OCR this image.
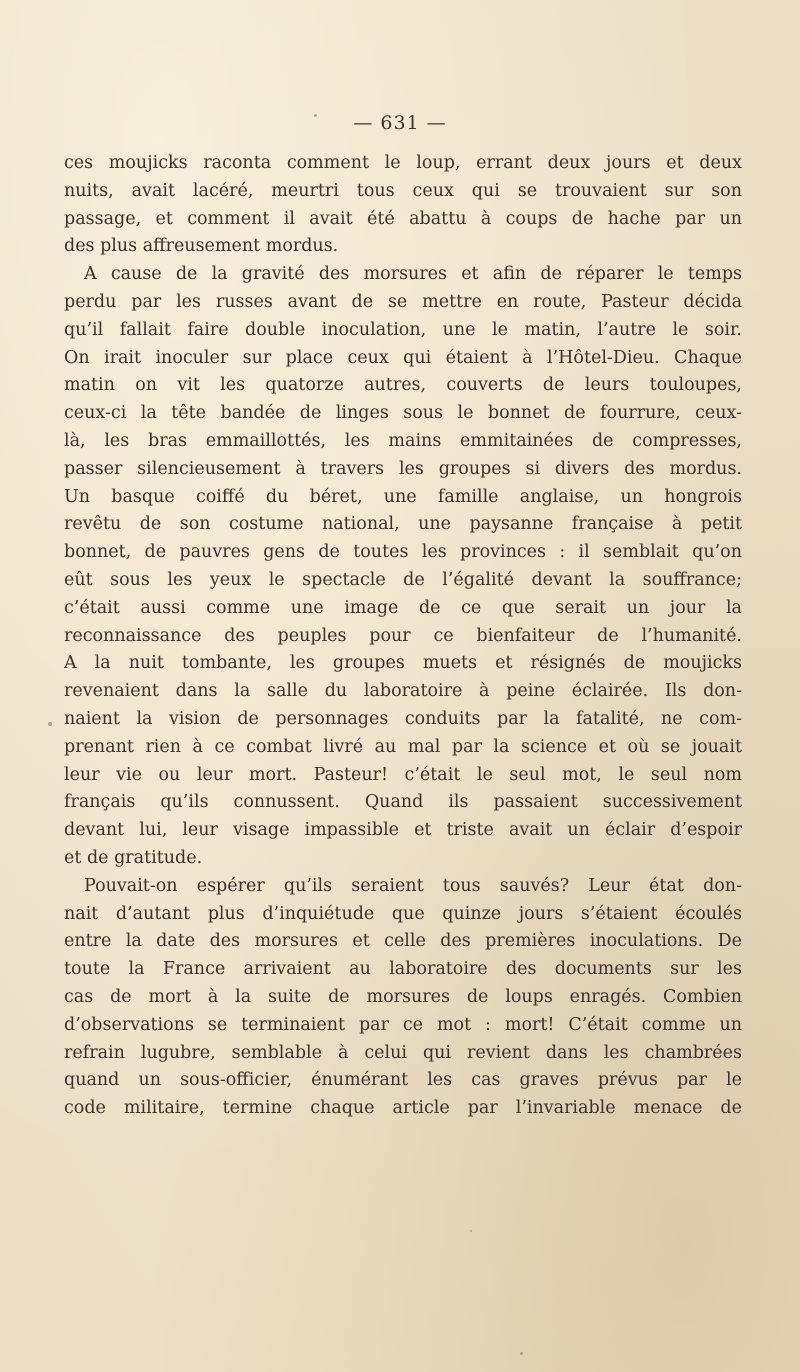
— 631 —
ces moujicks raconta comment le loup, errant deux jours et deux
nuits, avait lacéré, meurtri tous ceux qui se trouvaient sur son
passage, et comment il avait été abattu à coups de hache par un
des plus affreusement mordus.
A cause de la gravité des morsures et afin de réparer le temps
perdu par les russes avant de se mettre en route, Pasteur décida
qu’il fallait faire double inoculation, une le matin, l’autre le soir.
On irait inoculer sur place ceux qui étaient à l’Hôtel-Dieu. Chaque
matin on vit les quatorze autres, couverts de leurs touloupes,
ceux-ci la tête bandée de linges sous le bonnet de fourrure, ceux-
là, les bras emmaillottés, les mains emmitainées de compresses,
passer silencieusement à travers les groupes si divers des mordus.
Un basque coiffé du béret, une famille anglaise, un hongrois
revêtu de son costume national, une paysanne française à petit
bonnet, de pauvres gens de toutes les provinces : il semblait qu’on
eût sous les yeux le spectacle de l’égalité devant la souffrance;
c’était aussi comme une image de ce que serait un jour la
reconnaissance des peuples pour ce bienfaiteur de l’humanité.
A la nuit tombante, les groupes muets et résignés de moujicks
revenaient dans la salle du laboratoire à peine éclairée. Ils don-
naient la vision de personnages conduits par la fatalité, ne com-
prenant rien à ce combat livré au mal par la science et où se jouait
leur vie ou leur mort. Pasteur! c’était le seul mot, le seul nom
français qu’ils connussent. Quand ils passaient successivement
devant lui, leur visage impassible et triste avait un éclair d’espoir
et de gratitude.
Pouvait-on espérer qu’ils seraient tous sauvés? Leur état don-
nait d’autant plus d’inquiétude que quinze jours s’étaient écoulés
entre la date des morsures et celle des premières inoculations. De
toute la France arrivaient au laboratoire des documents sur les
cas de mort à la suite de morsures de loups enragés. Combien
d’observations se terminaient par ce mot : mort! C’était comme un
refrain lugubre, semblable à celui qui revient dans les chambrées
quand un sous-officier, énumérant les cas graves prévus par le
code militaire, termine chaque article par l’invariable menace de
